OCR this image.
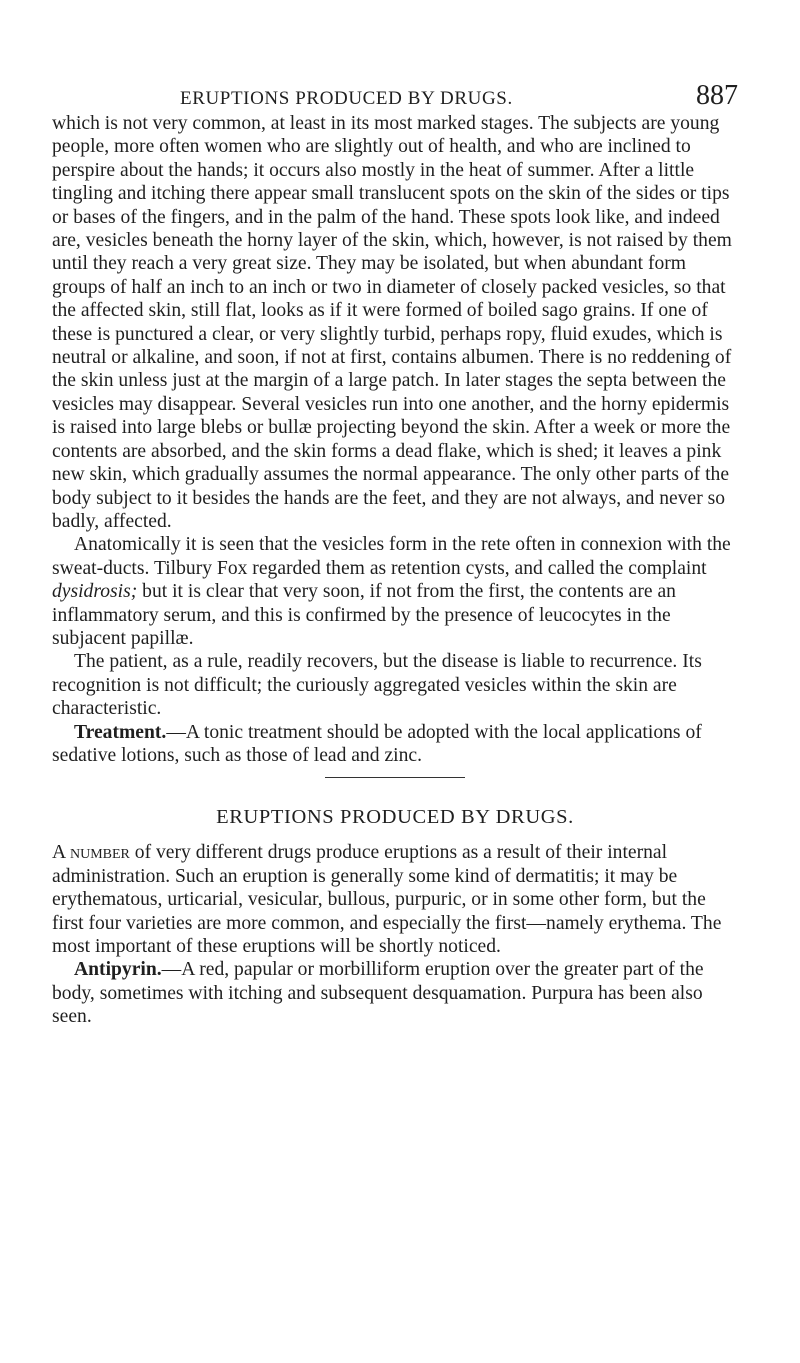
ERUPTIONS PRODUCED BY DRUGS.	887

which is not very common, at least in its most marked stages. The subjects are young people, more often women who are slightly out of health, and who are inclined to perspire about the hands; it occurs also mostly in the heat of summer. After a little tingling and itching there appear small translucent spots on the skin of the sides or tips or bases of the fingers, and in the palm of the hand. These spots look like, and indeed are, vesicles beneath the horny layer of the skin, which, however, is not raised by them until they reach a very great size. They may be isolated, but when abundant form groups of half an inch to an inch or two in diameter of closely packed vesicles, so that the affected skin, still flat, looks as if it were formed of boiled sago grains. If one of these is punctured a clear, or very slightly turbid, perhaps ropy, fluid exudes, which is neutral or alkaline, and soon, if not at first, contains albumen. There is no reddening of the skin unless just at the margin of a large patch. In later stages the septa between the vesicles may disappear. Several vesicles run into one another, and the horny epidermis is raised into large blebs or bullæ projecting beyond the skin. After a week or more the contents are absorbed, and the skin forms a dead flake, which is shed; it leaves a pink new skin, which gradually assumes the normal appearance. The only other parts of the body subject to it besides the hands are the feet, and they are not always, and never so badly, affected.

Anatomically it is seen that the vesicles form in the rete often in connexion with the sweat-ducts. Tilbury Fox regarded them as retention cysts, and called the complaint dysidrosis; but it is clear that very soon, if not from the first, the contents are an inflammatory serum, and this is confirmed by the presence of leucocytes in the subjacent papillæ.

The patient, as a rule, readily recovers, but the disease is liable to recurrence. Its recognition is not difficult; the curiously aggregated vesicles within the skin are characteristic.

Treatment.—A tonic treatment should be adopted with the local applications of sedative lotions, such as those of lead and zinc.

ERUPTIONS PRODUCED BY DRUGS.

A number of very different drugs produce eruptions as a result of their internal administration. Such an eruption is generally some kind of dermatitis; it may be erythematous, urticarial, vesicular, bullous, purpuric, or in some other form, but the first four varieties are more common, and especially the first—namely erythema. The most important of these eruptions will be shortly noticed.

Antipyrin.—A red, papular or morbilliform eruption over the greater part of the body, sometimes with itching and subsequent desquamation. Purpura has been also seen.
